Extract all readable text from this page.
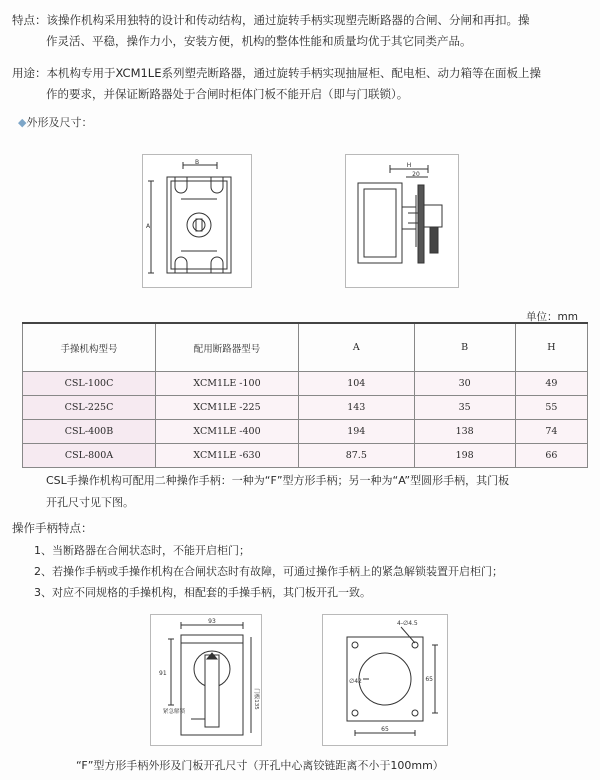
特点：该操作机构采用独特的设计和传动结构，通过旋转手柄实现塑壳断路器的合闸、分闸和再扣。操
作灵活、平稳，操作力小，安装方便，机构的整体性能和质量均优于其它同类产品。
用途：本机构专用于XCM1LE系列塑壳断路器，通过旋转手柄实现抽屉柜、配电柜、动力箱等在面板上操
作的要求，并保证断路器处于合闸时柜体门板不能开启（即与门联锁）。
◆外形及尺寸：
B
A
H
20
单位：mm
手操机构型号	配用断路器型号	A	B	H
CSL-100C	XCM1LE -100	104	30	49
CSL-225C	XCM1LE -225	143	35	55
CSL-400B	XCM1LE -400	194	138	74
CSL-800A	XCM1LE -630	87.5	198	66
CSL手操作机构可配用二种操作手柄：一种为“F”型方形手柄；另一种为“A”型圆形手柄，其门板
开孔尺寸见下图。
操作手柄特点：
1、当断路器在合闸状态时，不能开启柜门；
2、若操作手柄或手操作机构在合闸状态时有故障，可通过操作手柄上的紧急解锁装置开启柜门；
3、对应不同规格的手操机构，相配套的手操手柄，其门板开孔一致。
93
91
门板135
紧急解锁
4-∅4.5
∅42
65
65
“F”型方形手柄外形及门板开孔尺寸（开孔中心离铰链距离不小于100mm）
